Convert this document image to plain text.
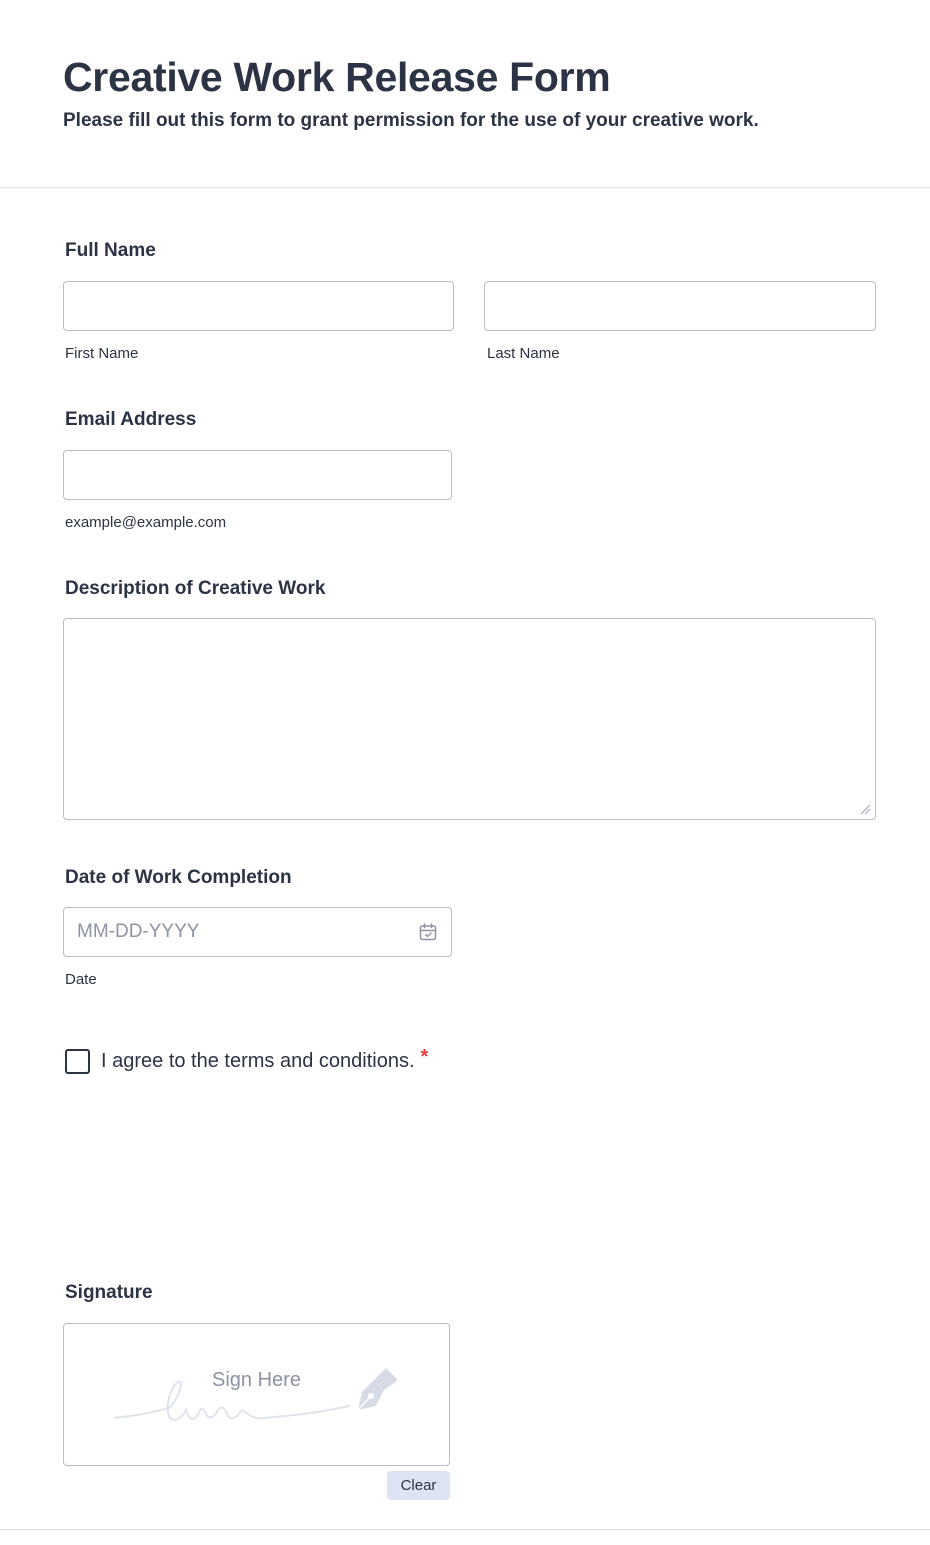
Creative Work Release Form

Please fill out this form to grant permission for the use of your creative work.

Full Name
First Name	Last Name
Email Address
example@example.com
Description of Creative Work
Date of Work Completion
MM-DD-YYYY
Date
I agree to the terms and conditions. *
Signature
Sign Here
Clear
